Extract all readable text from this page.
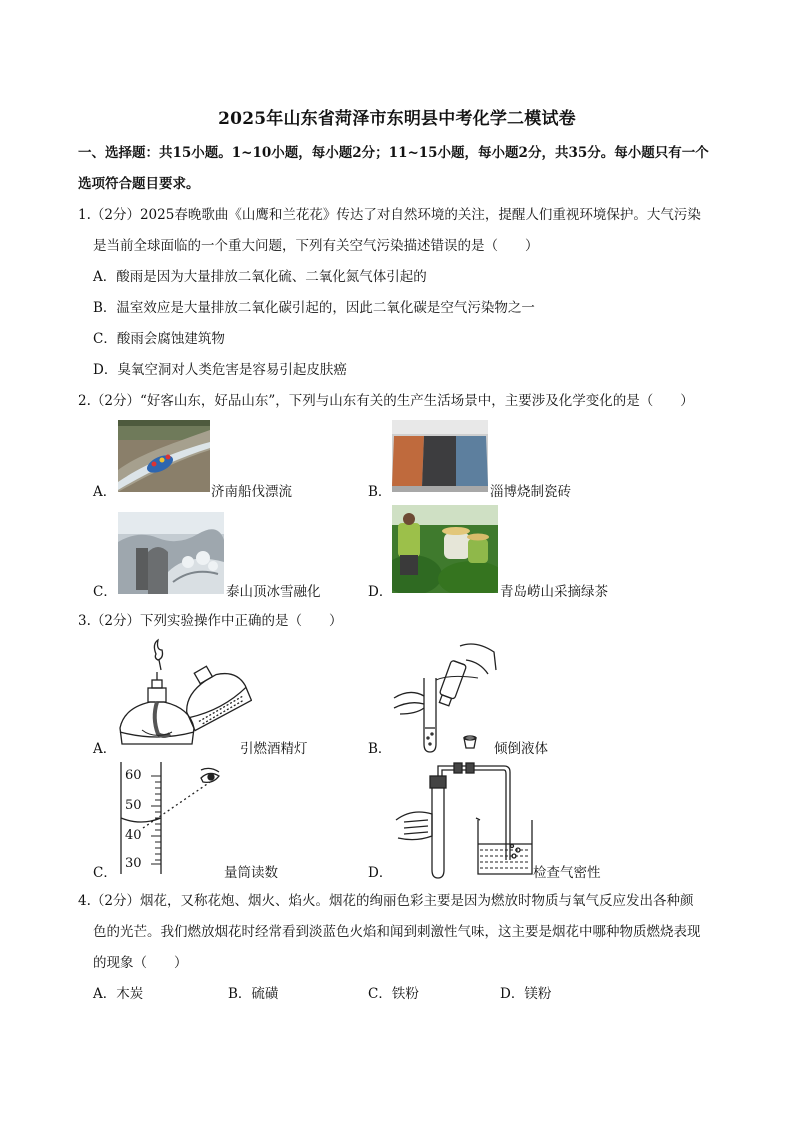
2025年山东省菏泽市东明县中考化学二模试卷
一、选择题：共15小题。1~10小题，每小题2分；11~15小题，每小题2分，共35分。每小题只有一个
选项符合题目要求。
1.（2分）2025春晚歌曲《山鹰和兰花花》传达了对自然环境的关注，提醒人们重视环境保护。大气污染
是当前全球面临的一个重大问题，下列有关空气污染描述错误的是（　　）
A．酸雨是因为大量排放二氧化硫、二氧化氮气体引起的
B．温室效应是大量排放二氧化碳引起的，因此二氧化碳是空气污染物之一
C．酸雨会腐蚀建筑物
D．臭氧空洞对人类危害是容易引起皮肤癌
2.（2分）“好客山东，好品山东”，下列与山东有关的生产生活场景中，主要涉及化学变化的是（　　）
A．	济南船伐漂流	B．	淄博烧制瓷砖
C．	泰山顶冰雪融化	D．	青岛崂山采摘绿茶
3.（2分）下列实验操作中正确的是（　　）
A．	引燃酒精灯	B．	倾倒液体
60
50
40
30
C．	量筒读数	D．	检查气密性
4.（2分）烟花，又称花炮、烟火、焰火。烟花的绚丽色彩主要是因为燃放时物质与氧气反应发出各种颜
色的光芒。我们燃放烟花时经常看到淡蓝色火焰和闻到刺激性气味，这主要是烟花中哪种物质燃烧表现
的现象（　　）
A．木炭	B．硫磺	C．铁粉	D．镁粉
